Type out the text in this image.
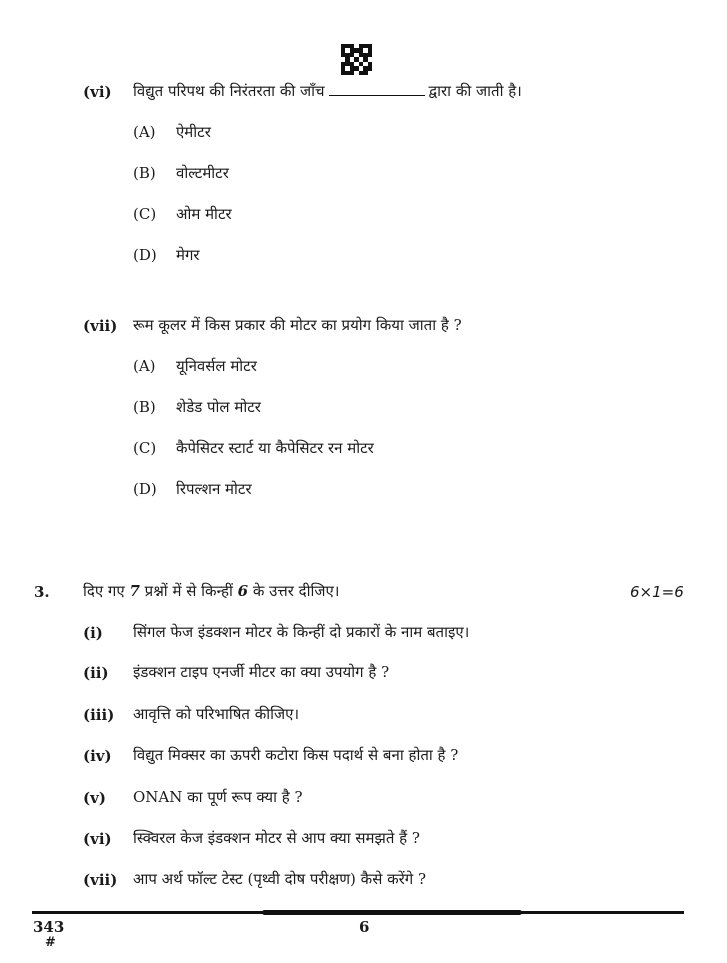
(vi) विद्युत परिपथ की निरंतरता की जाँच	द्वारा की जाती है।
(A) ऐमीटर
(B) वोल्टमीटर
(C) ओम मीटर
(D) मेगर
(vii) रूम कूलर में किस प्रकार की मोटर का प्रयोग किया जाता है ?
(A) यूनिवर्सल मोटर
(B) शेडेड पोल मोटर
(C) कैपेसिटर स्टार्ट या कैपेसिटर रन मोटर
(D) रिपल्शन मोटर
3. दिए गए 7 प्रश्नों में से किन्हीं 6 के उत्तर दीजिए।	6×1=6
(i) सिंगल फेज इंडक्शन मोटर के किन्हीं दो प्रकारों के नाम बताइए।
(ii) इंडक्शन टाइप एनर्जी मीटर का क्या उपयोग है ?
(iii) आवृत्ति को परिभाषित कीजिए।
(iv) विद्युत मिक्सर का ऊपरी कटोरा किस पदार्थ से बना होता है ?
(v) ONAN का पूर्ण रूप क्या है ?
(vi) स्क्विरल केज इंडक्शन मोटर से आप क्या समझते हैं ?
(vii) आप अर्थ फॉल्ट टेस्ट (पृथ्वी दोष परीक्षण) कैसे करेंगे ?
343
#
6
